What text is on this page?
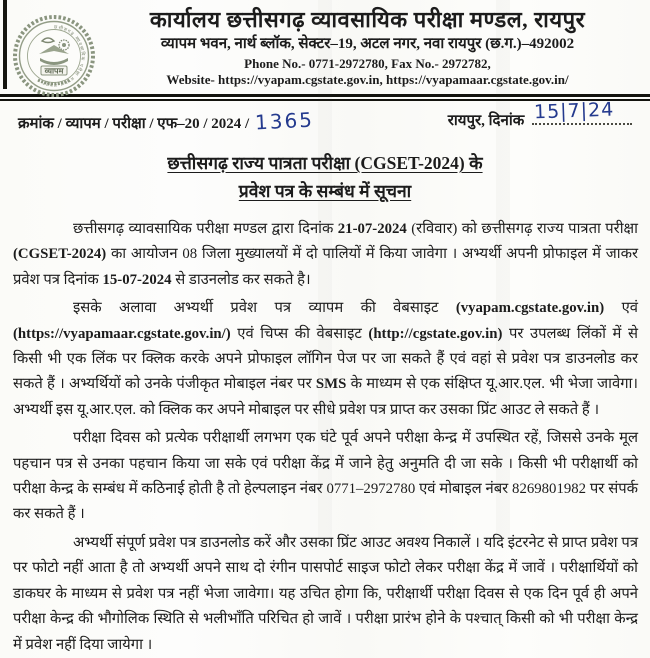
छत्तीसगढ़ व्यावसायिक परीक्षा मण्डल रायपुर
व्यापम
कार्यालय छत्तीसगढ़ व्यावसायिक परीक्षा मण्डल, रायपुर
व्यापम भवन, नार्थ ब्लॉक, सेक्टर–19, अटल नगर, नवा रायपुर (छ.ग.)–492002
Phone No.- 0771-2972780, Fax No.- 2972782,
Website- https://vyapam.cgstate.gov.in, https://vyapamaar.cgstate.gov.in/
क्रमांक / व्यापम / परीक्षा / एफ–20 / 2024 / 1365	रायपुर, दिनांक 15|7|24
छत्तीसगढ़ राज्य पात्रता परीक्षा (CGSET-2024) के
प्रवेश पत्र के सम्बंध में सूचना

छत्तीसगढ़ व्यावसायिक परीक्षा मण्डल द्वारा दिनांक 21-07-2024 (रविवार) को छत्तीसगढ़ राज्य पात्रता परीक्षा (CGSET-2024) का आयोजन 08 जिला मुख्यालयों में दो पालियों में किया जावेगा । अभ्यर्थी अपनी प्रोफाइल में जाकर प्रवेश पत्र दिनांक 15-07-2024 से डाउनलोड कर सकते है।

इसके अलावा अभ्यर्थी प्रवेश पत्र व्यापम की वेबसाइट (vyapam.cgstate.gov.in) एवं (https://vyapamaar.cgstate.gov.in/) एवं चिप्स की वेबसाइट (http://cgstate.gov.in) पर उपलब्ध लिंकों में से किसी भी एक लिंक पर क्लिक करके अपने प्रोफाइल लॉगिन पेज पर जा सकते हैं एवं वहां से प्रवेश पत्र डाउनलोड कर सकते हैं । अभ्यर्थियों को उनके पंजीकृत मोबाइल नंबर पर SMS के माध्यम से एक संक्षिप्त यू.आर.एल. भी भेजा जावेगा। अभ्यर्थी इस यू.आर.एल. को क्लिक कर अपने मोबाइल पर सीधे प्रवेश पत्र प्राप्त कर उसका प्रिंट आउट ले सकते हैं ।

परीक्षा दिवस को प्रत्येक परीक्षार्थी लगभग एक घंटे पूर्व अपने परीक्षा केन्द्र में उपस्थित रहें, जिससे उनके मूल पहचान पत्र से उनका पहचान किया जा सके एवं परीक्षा केंद्र में जाने हेतु अनुमति दी जा सके । किसी भी परीक्षार्थी को परीक्षा केन्द्र के सम्बंध में कठिनाई होती है तो हेल्पलाइन नंबर 0771–2972780 एवं मोबाइल नंबर 8269801982 पर संपर्क कर सकते हैं ।

अभ्यर्थी संपूर्ण प्रवेश पत्र डाउनलोड करें और उसका प्रिंट आउट अवश्य निकालें । यदि इंटरनेट से प्राप्त प्रवेश पत्र पर फोटो नहीं आता है तो अभ्यर्थी अपने साथ दो रंगीन पासपोर्ट साइज फोटो लेकर परीक्षा केंद्र में जावें । परीक्षार्थियों को डाकघर के माध्यम से प्रवेश पत्र नहीं भेजा जावेगा। यह उचित होगा कि, परीक्षार्थी परीक्षा दिवस से एक दिन पूर्व ही अपने परीक्षा केन्द्र की भौगोलिक स्थिति से भलीभाँति परिचित हो जावें । परीक्षा प्रारंभ होने के पश्चात् किसी को भी परीक्षा केन्द्र में प्रवेश नहीं दिया जायेगा ।
